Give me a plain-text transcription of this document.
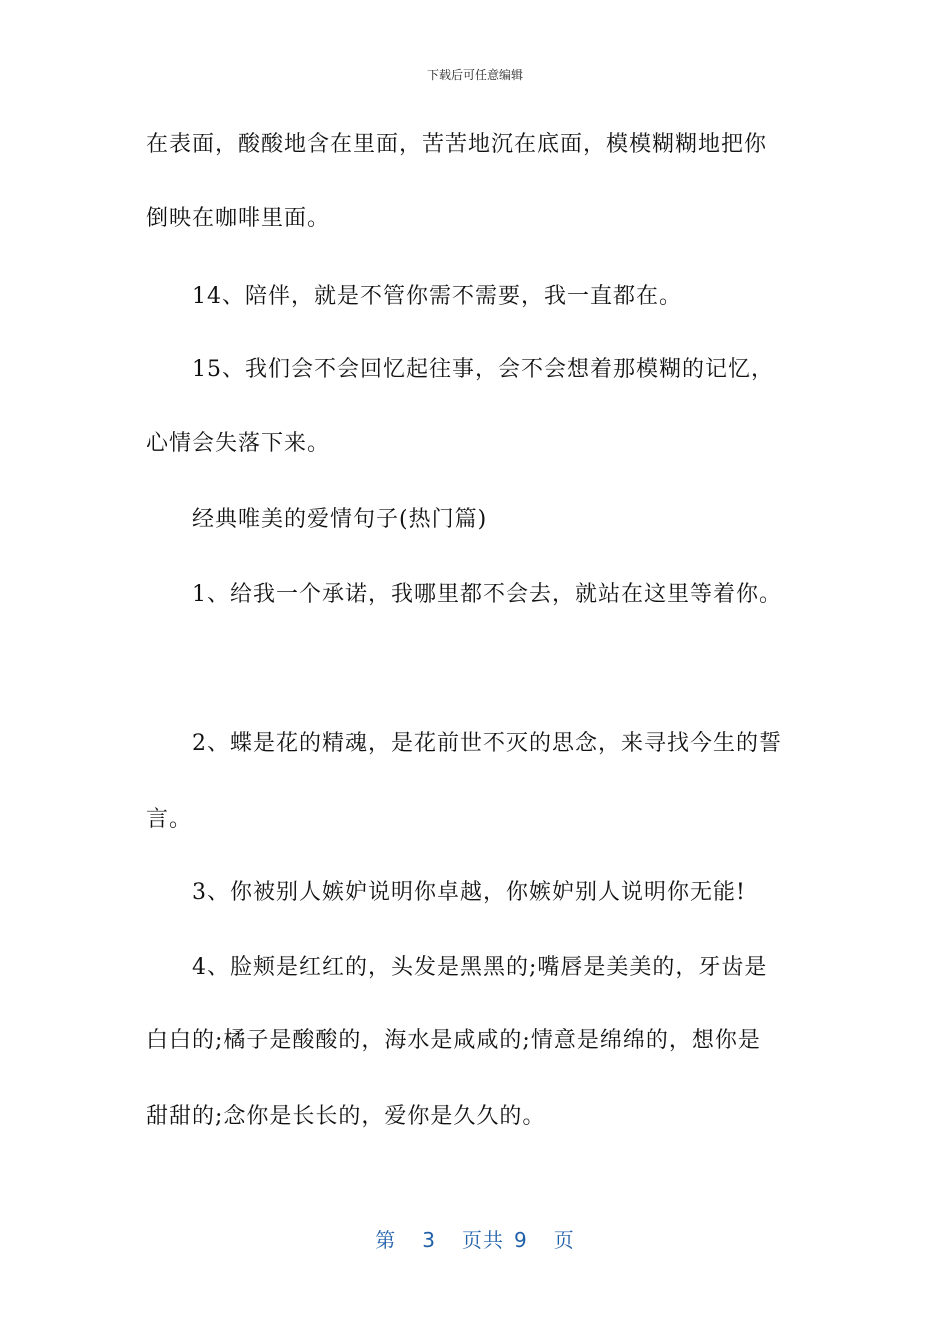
下载后可任意编辑
在表面，酸酸地含在里面，苦苦地沉在底面，模模糊糊地把你
倒映在咖啡里面。
14、陪伴，就是不管你需不需要，我一直都在。
15、我们会不会回忆起往事，会不会想着那模糊的记忆，
心情会失落下来。
经典唯美的爱情句子(热门篇)
1、给我一个承诺，我哪里都不会去，就站在这里等着你。
2、蝶是花的精魂，是花前世不灭的思念，来寻找今生的誓
言。
3、你被别人嫉妒说明你卓越，你嫉妒别人说明你无能!
4、脸颊是红红的，头发是黑黑的;嘴唇是美美的，牙齿是
白白的;橘子是酸酸的，海水是咸咸的;情意是绵绵的，想你是
甜甜的;念你是长长的，爱你是久久的。
第 3 页共 9 页
